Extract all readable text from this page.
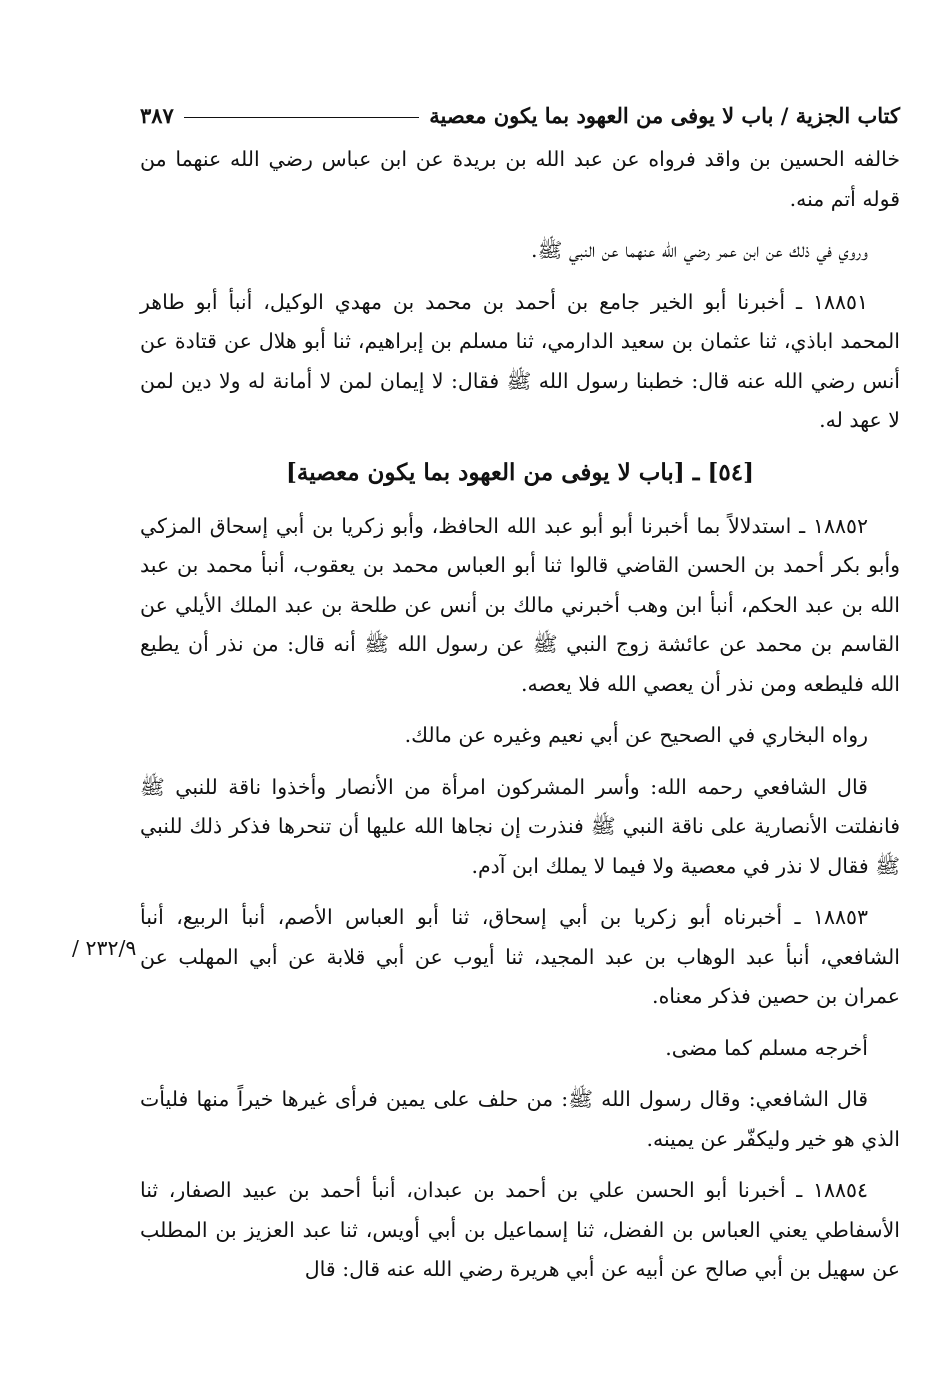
كتاب الجزية / باب لا يوفى من العهود بما يكون معصية
٣٨٧
٢٣٢/٩ /

خالفه الحسين بن واقد فرواه عن عبد الله بن بريدة عن ابن عباس رضي الله عنهما من قوله أتم منه.

وروي في ذلك عن ابن عمر رضي الله عنهما عن النبي ﷺ.

١٨٨٥١ ـ أخبرنا أبو الخير جامع بن أحمد بن محمد بن مهدي الوكيل، أنبأ أبو طاهر المحمد اباذي، ثنا عثمان بن سعيد الدارمي، ثنا مسلم بن إبراهيم، ثنا أبو هلال عن قتادة عن أنس رضي الله عنه قال: خطبنا رسول الله ﷺ فقال: لا إيمان لمن لا أمانة له ولا دين لمن لا عهد له.

[٥٤] ـ [باب لا يوفى من العهود بما يكون معصية]

١٨٨٥٢ ـ استدلالاً بما أخبرنا أبو أبو عبد الله الحافظ، وأبو زكريا بن أبي إسحاق المزكي وأبو بكر أحمد بن الحسن القاضي قالوا ثنا أبو العباس محمد بن يعقوب، أنبأ محمد بن عبد الله بن عبد الحكم، أنبأ ابن وهب أخبرني مالك بن أنس عن طلحة بن عبد الملك الأيلي عن القاسم بن محمد عن عائشة زوج النبي ﷺ عن رسول الله ﷺ أنه قال: من نذر أن يطيع الله فليطعه ومن نذر أن يعصي الله فلا يعصه.

رواه البخاري في الصحيح عن أبي نعيم وغيره عن مالك.

قال الشافعي رحمه الله: وأسر المشركون امرأة من الأنصار وأخذوا ناقة للنبي ﷺ فانفلتت الأنصارية على ناقة النبي ﷺ فنذرت إن نجاها الله عليها أن تنحرها فذكر ذلك للنبي ﷺ فقال لا نذر في معصية ولا فيما لا يملك ابن آدم.

١٨٨٥٣ ـ أخبرناه أبو زكريا بن أبي إسحاق، ثنا أبو العباس الأصم، أنبأ الربيع، أنبأ الشافعي، أنبأ عبد الوهاب بن عبد المجيد، ثنا أيوب عن أبي قلابة عن أبي المهلب عن عمران بن حصين فذكر معناه.

أخرجه مسلم كما مضى.

قال الشافعي: وقال رسول الله ﷺ: من حلف على يمين فرأى غيرها خيراً منها فليأت الذي هو خير وليكفّر عن يمينه.

١٨٨٥٤ ـ أخبرنا أبو الحسن علي بن أحمد بن عبدان، أنبأ أحمد بن عبيد الصفار، ثنا الأسفاطي يعني العباس بن الفضل، ثنا إسماعيل بن أبي أويس، ثنا عبد العزيز بن المطلب عن سهيل بن أبي صالح عن أبيه عن أبي هريرة رضي الله عنه قال: قال
